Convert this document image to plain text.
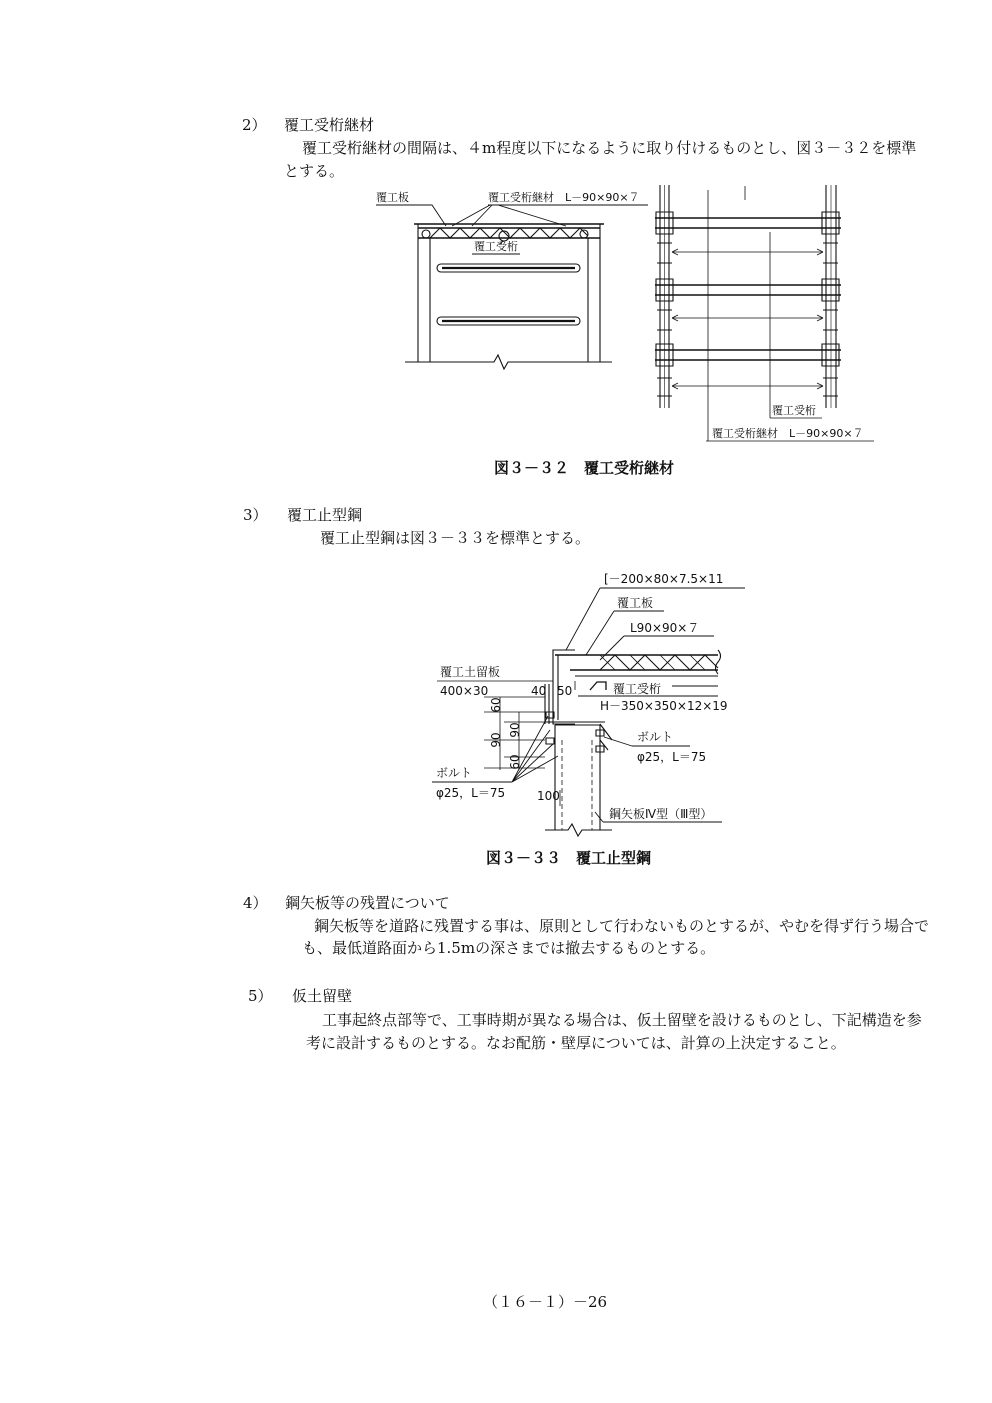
2） 覆工受桁継材
覆工受桁継材の間隔は、４m程度以下になるように取り付けるものとし、図３－３２を標準
とする。
覆工板	覆工受桁継材　L－90×90×７
覆工受桁
覆工受桁
覆工受桁継材　L－90×90×７
図３－３２　覆工受桁継材
3） 覆工止型鋼
覆工止型鋼は図３－３３を標準とする。
[－200×80×7.5×11
覆工板
L90×90×７
覆工土留板
400×30	40 50	覆工受桁
H－350×350×12×19
60
90
90
60
ボルト
φ25，L＝75
ボルト
φ25，L＝75	100
鋼矢板Ⅳ型（Ⅲ型）
図３－３３　覆工止型鋼
4） 鋼矢板等の残置について
鋼矢板等を道路に残置する事は、原則として行わないものとするが、やむを得ず行う場合で
も、最低道路面から1.5mの深さまでは撤去するものとする。
5） 仮土留壁
工事起終点部等で、工事時期が異なる場合は、仮土留壁を設けるものとし、下記構造を参
考に設計するものとする。なお配筋・壁厚については、計算の上決定すること。
（１６－１）－26
